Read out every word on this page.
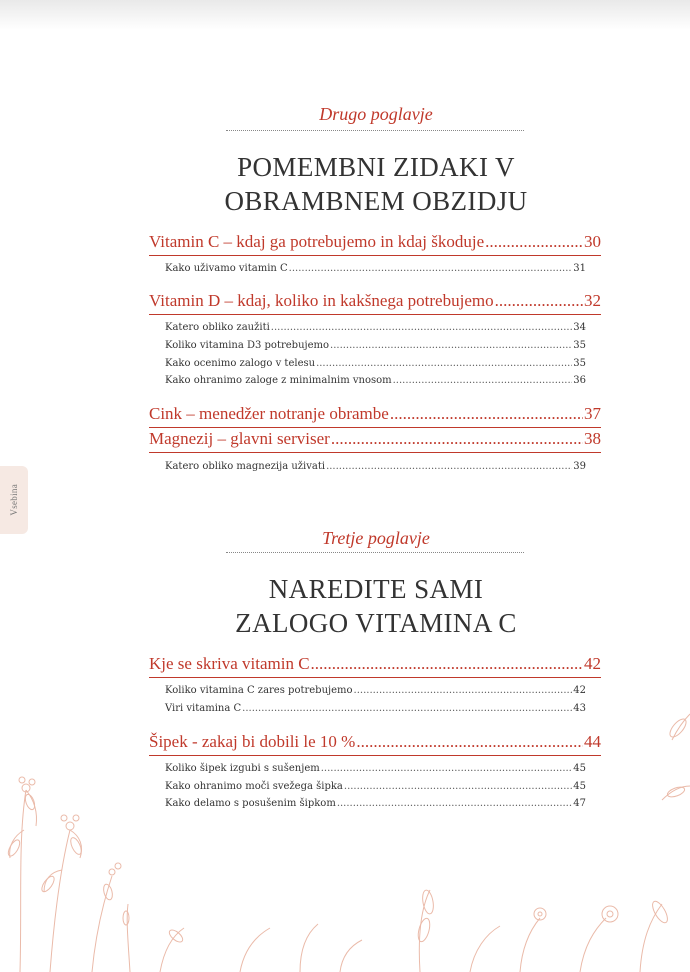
Vsebina
Drugo poglavje
POMEMBNI ZIDAKI V
OBRAMBNEM OBZIDJU
Vitamin C – kdaj ga potrebujemo in kdaj škoduje .....	30
Kako uživamo vitamin C .....	31
Vitamin D – kdaj, koliko in kakšnega potrebujemo .....	32
Katero obliko zaužiti .....	34
Koliko vitamina D3 potrebujemo .....	35
Kako ocenimo zalogo v telesu .....	35
Kako ohranimo zaloge z minimalnim vnosom .....	36
Cink – menedžer notranje obrambe .....	37
Magnezij – glavni serviser .....	38
Katero obliko magnezija uživati .....	39
Tretje poglavje
NAREDITE SAMI
ZALOGO VITAMINA C
Kje se skriva vitamin C .....	42
Koliko vitamina C zares potrebujemo .....	42
Viri vitamina C .....	43
Šipek - zakaj bi dobili le 10 % .....	44
Koliko šipek izgubi s sušenjem .....	45
Kako ohranimo moči svežega šipka .....	45
Kako delamo s posušenim šipkom .....	47
